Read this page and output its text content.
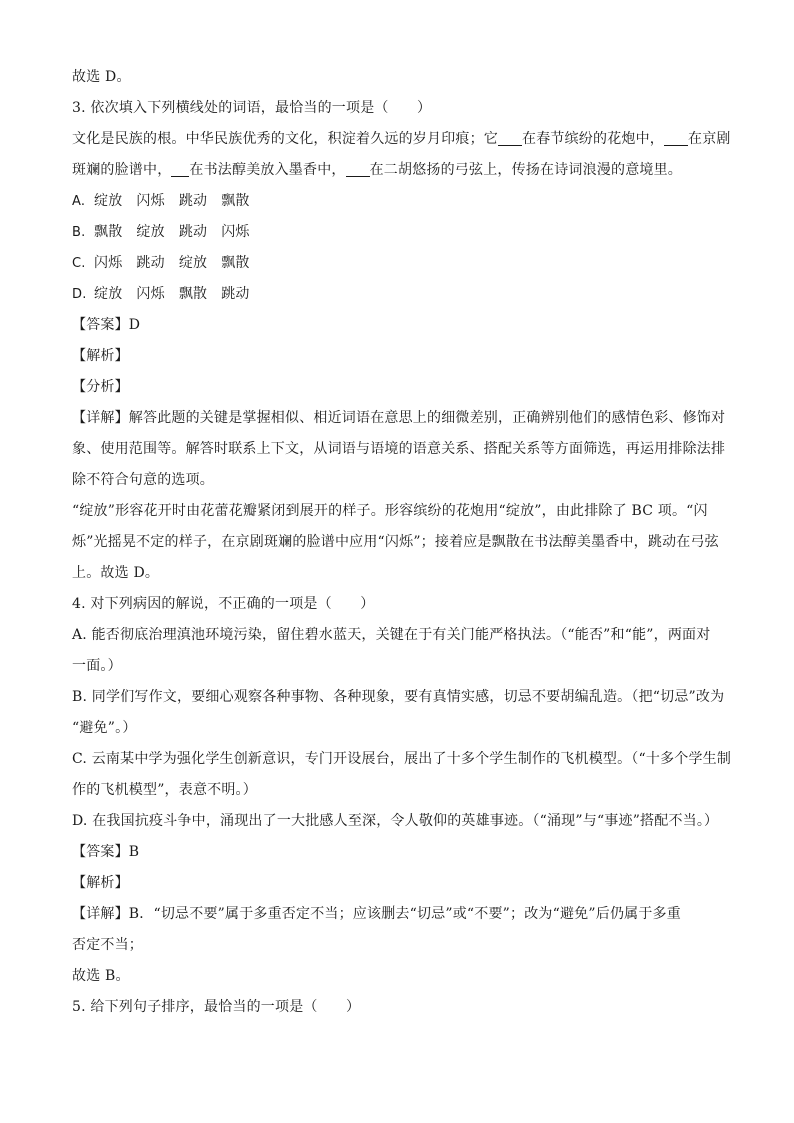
故选 D。
3. 依次填入下列横线处的词语，最恰当的一项是（　　）
文化是民族的根。中华民族优秀的文化，积淀着久远的岁月印痕；它 在春节缤纷的花炮中， 在京剧
斑斓的脸谱中， 在书法醇美放入墨香中， 在二胡悠扬的弓弦上，传扬在诗词浪漫的意境里。
A. 绽放 闪烁 跳动 飘散
B. 飘散 绽放 跳动 闪烁
C. 闪烁 跳动 绽放 飘散
D. 绽放 闪烁 飘散 跳动
【答案】D
【解析】
【分析】
【详解】解答此题的关键是掌握相似、相近词语在意思上的细微差别，正确辨别他们的感情色彩、修饰对
象、使用范围等。解答时联系上下文，从词语与语境的语意关系、搭配关系等方面筛选，再运用排除法排
除不符合句意的选项。
“绽放”形容花开时由花蕾花瓣紧闭到展开的样子。形容缤纷的花炮用“绽放”，由此排除了 BC 项。“闪
烁”光摇晃不定的样子，在京剧斑斓的脸谱中应用“闪烁”；接着应是飘散在书法醇美墨香中，跳动在弓弦
上。故选 D。
4. 对下列病因的解说，不正确的一项是（　　）
A. 能否彻底治理滇池环境污染，留住碧水蓝天，关键在于有关门能严格执法。（“能否”和“能”，两面对
一面。）
B. 同学们写作文，要细心观察各种事物、各种现象，要有真情实感，切忌不要胡编乱造。（把“切忌”改为
“避免”。）
C. 云南某中学为强化学生创新意识，专门开设展台，展出了十多个学生制作的飞机模型。（“十多个学生制
作的飞机模型”，表意不明。）
D. 在我国抗疫斗争中，涌现出了一大批感人至深，令人敬仰的英雄事迹。（“涌现”与“事迹”搭配不当。）
【答案】B
【解析】
【详解】B．“切忌不要”属于多重否定不当；应该删去“切忌”或“不要”；改为“避免”后仍属于多重
否定不当；
故选 B。
5. 给下列句子排序，最恰当的一项是（　　）
